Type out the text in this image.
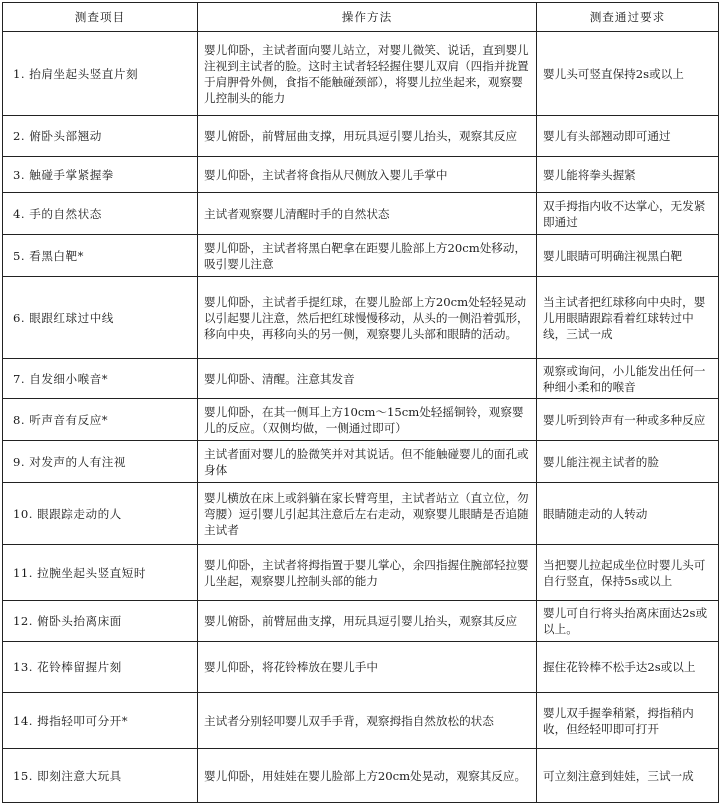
测查项目	操作方法	测查通过要求
1. 抬肩坐起头竖直片刻	婴儿仰卧，主试者面向婴儿站立，对婴儿微笑、说话，直到婴儿注视到主试者的脸。这时主试者轻轻握住婴儿双肩（四指并拢置于肩胛骨外侧，食指不能触碰颈部），将婴儿拉坐起来，观察婴儿控制头的能力	婴儿头可竖直保持2s或以上
2. 俯卧头部翘动	婴儿俯卧，前臂屈曲支撑，用玩具逗引婴儿抬头，观察其反应	婴儿有头部翘动即可通过
3. 触碰手掌紧握拳	婴儿仰卧，主试者将食指从尺侧放入婴儿手掌中	婴儿能将拳头握紧
4. 手的自然状态	主试者观察婴儿清醒时手的自然状态	双手拇指内收不达掌心，无发紧即通过
5. 看黑白靶*	婴儿仰卧，主试者将黑白靶拿在距婴儿脸部上方20cm处移动，吸引婴儿注意	婴儿眼睛可明确注视黑白靶
6. 眼跟红球过中线	婴儿仰卧，主试者手提红球，在婴儿脸部上方20cm处轻轻晃动以引起婴儿注意，然后把红球慢慢移动，从头的一侧沿着弧形，移向中央，再移向头的另一侧，观察婴儿头部和眼睛的活动。	当主试者把红球移向中央时，婴儿用眼睛跟踪看着红球转过中线，三试一成
7. 自发细小喉音*	婴儿仰卧、清醒。注意其发音	观察或询问，小儿能发出任何一种细小柔和的喉音
8. 听声音有反应*	婴儿仰卧，在其一侧耳上方10cm～15cm处轻摇铜铃，观察婴儿的反应。（双侧均做，一侧通过即可）	婴儿听到铃声有一种或多种反应
9. 对发声的人有注视	主试者面对婴儿的脸微笑并对其说话。但不能触碰婴儿的面孔或身体	婴儿能注视主试者的脸
10. 眼跟踪走动的人	婴儿横放在床上或斜躺在家长臂弯里，主试者站立（直立位，勿弯腰）逗引婴儿引起其注意后左右走动，观察婴儿眼睛是否追随主试者	眼睛随走动的人转动
11. 拉腕坐起头竖直短时	婴儿仰卧，主试者将拇指置于婴儿掌心，余四指握住腕部轻拉婴儿坐起，观察婴儿控制头部的能力	当把婴儿拉起成坐位时婴儿头可自行竖直，保持5s或以上
12. 俯卧头抬离床面	婴儿俯卧，前臂屈曲支撑，用玩具逗引婴儿抬头，观察其反应	婴儿可自行将头抬离床面达2s或以上。
13. 花铃棒留握片刻	婴儿仰卧，将花铃棒放在婴儿手中	握住花铃棒不松手达2s或以上
14. 拇指轻叩可分开*	主试者分别轻叩婴儿双手手背，观察拇指自然放松的状态	婴儿双手握拳稍紧，拇指稍内收，但经轻叩即可打开
15. 即刻注意大玩具	婴儿仰卧，用娃娃在婴儿脸部上方20cm处晃动，观察其反应。	可立刻注意到娃娃，三试一成
